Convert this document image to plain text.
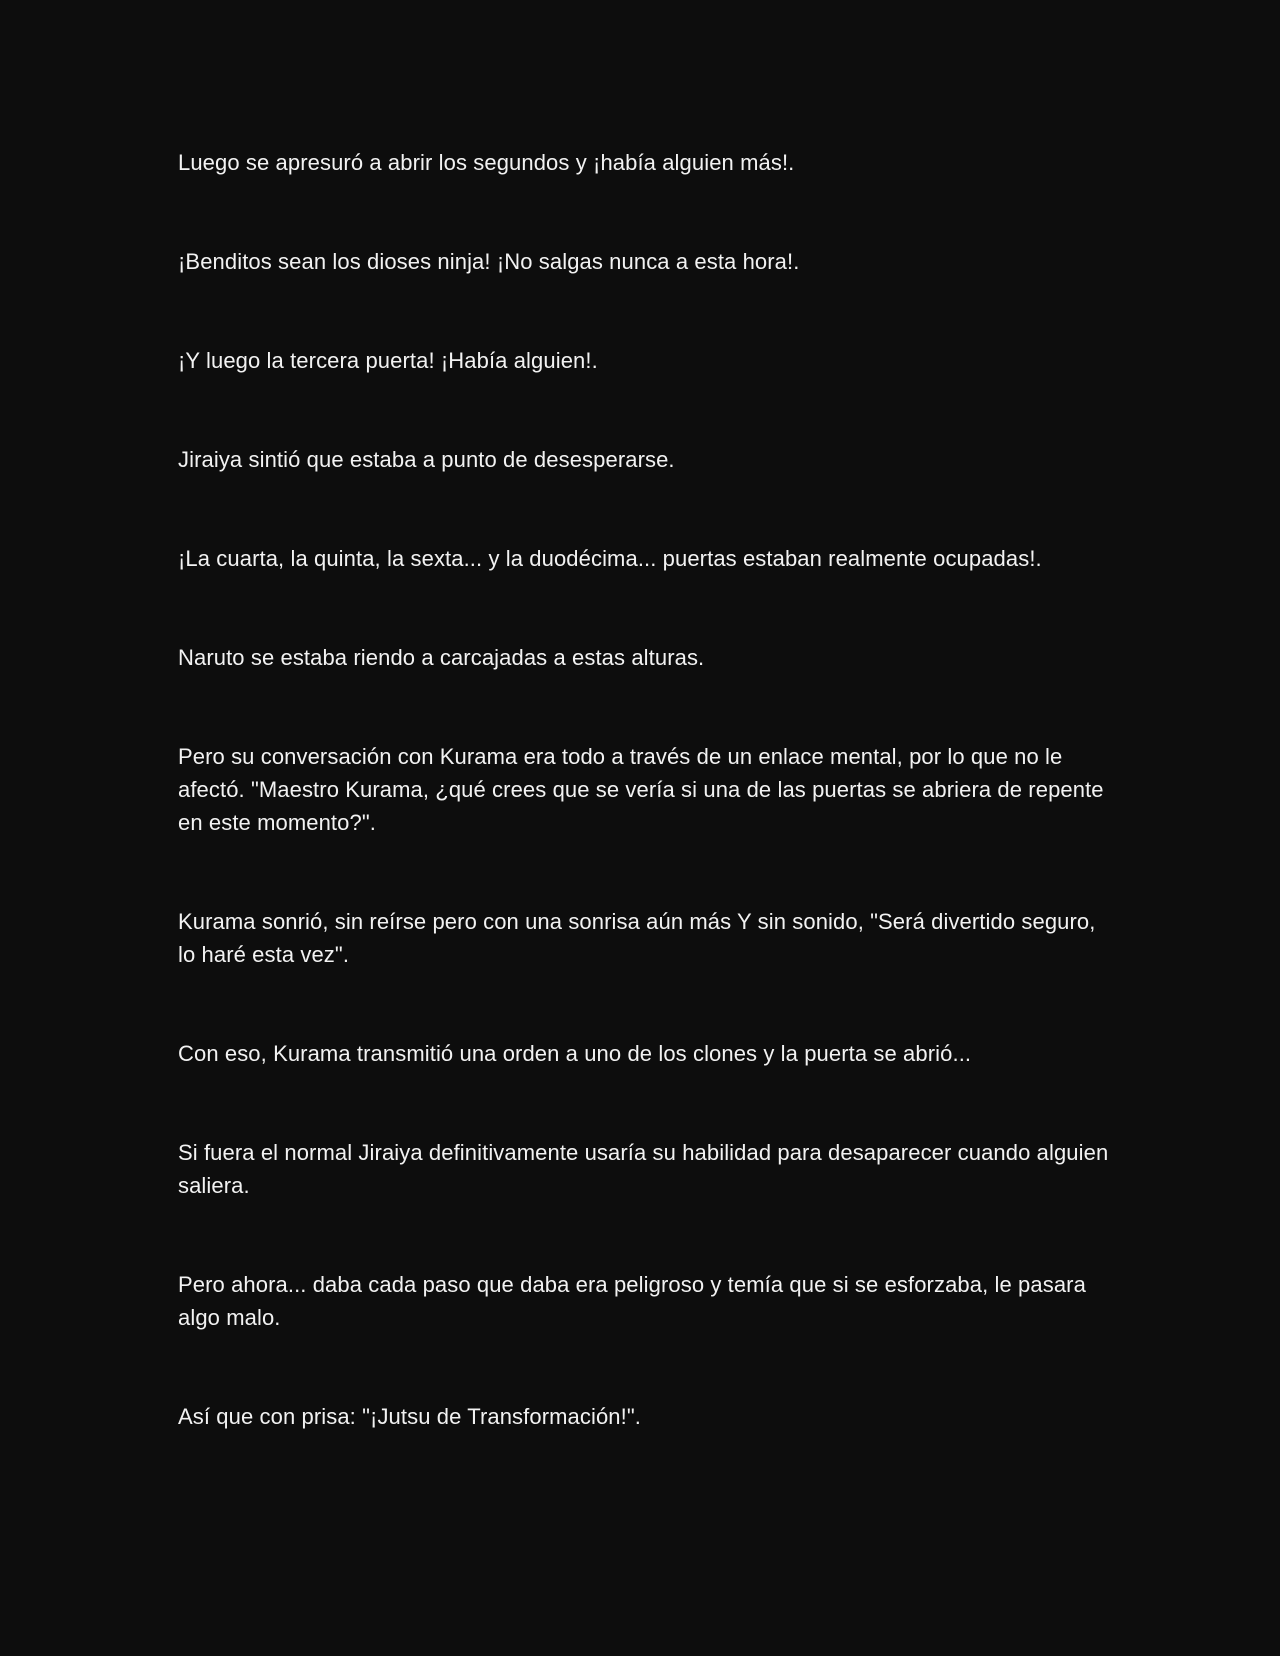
Luego se apresuró a abrir los segundos y ¡había alguien más!.

¡Benditos sean los dioses ninja! ¡No salgas nunca a esta hora!.

¡Y luego la tercera puerta! ¡Había alguien!.

Jiraiya sintió que estaba a punto de desesperarse.

¡La cuarta, la quinta, la sexta... y la duodécima... puertas estaban realmente ocupadas!.

Naruto se estaba riendo a carcajadas a estas alturas.

Pero su conversación con Kurama era todo a través de un enlace mental, por lo que no le afectó. "Maestro Kurama, ¿qué crees que se vería si una de las puertas se abriera de repente en este momento?".

Kurama sonrió, sin reírse pero con una sonrisa aún más Y sin sonido, "Será divertido seguro, lo haré esta vez".

Con eso, Kurama transmitió una orden a uno de los clones y la puerta se abrió...

Si fuera el normal Jiraiya definitivamente usaría su habilidad para desaparecer cuando alguien saliera.

Pero ahora... daba cada paso que daba era peligroso y temía que si se esforzaba, le pasara algo malo.

Así que con prisa: "¡Jutsu de Transformación!".
